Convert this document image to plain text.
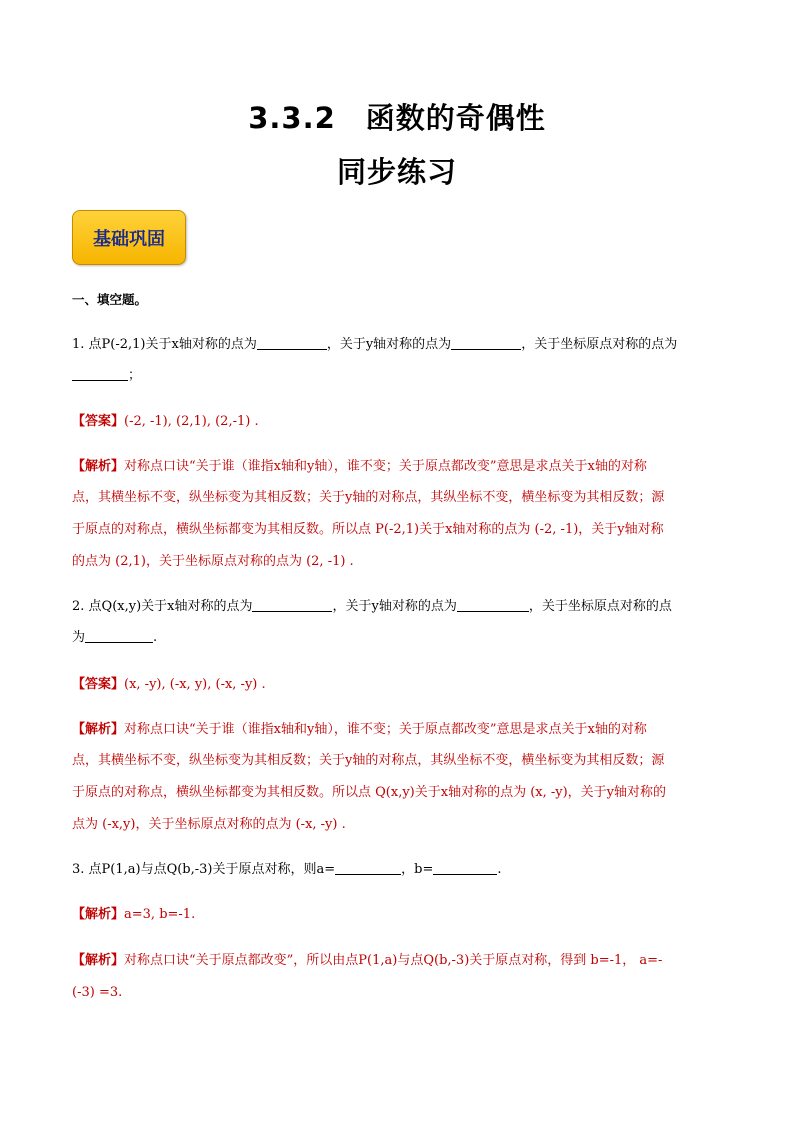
3.3.2　函数的奇偶性
同步练习
基础巩固
一、填空题。
1. 点P(-2,1)关于x轴对称的点为	，关于y轴对称的点为	，关于坐标原点对称的点为
；
【答案】(-2, -1), (2,1), (2,-1) .
【解析】对称点口诀“关于谁（谁指x轴和y轴），谁不变；关于原点都改变”意思是求点关于x轴的对称
点，其横坐标不变，纵坐标变为其相反数；关于y轴的对称点，其纵坐标不变，横坐标变为其相反数；源
于原点的对称点，横纵坐标都变为其相反数。所以点 P(-2,1)关于x轴对称的点为 (-2, -1)，关于y轴对称
的点为 (2,1)，关于坐标原点对称的点为 (2, -1) .
2. 点Q(x,y)关于x轴对称的点为	，关于y轴对称的点为	，关于坐标原点对称的点
为	.
【答案】(x, -y), (-x, y), (-x, -y) .
【解析】对称点口诀“关于谁（谁指x轴和y轴），谁不变；关于原点都改变”意思是求点关于x轴的对称
点，其横坐标不变，纵坐标变为其相反数；关于y轴的对称点，其纵坐标不变，横坐标变为其相反数；源
于原点的对称点，横纵坐标都变为其相反数。所以点 Q(x,y)关于x轴对称的点为 (x, -y)，关于y轴对称的
点为 (-x,y)，关于坐标原点对称的点为 (-x, -y) .
3. 点P(1,a)与点Q(b,-3)关于原点对称，则a=	，b=	.
【解析】a=3, b=-1.
【解析】对称点口诀“关于原点都改变”，所以由点P(1,a)与点Q(b,-3)关于原点对称，得到 b=-1， a=-
(-3) =3.
